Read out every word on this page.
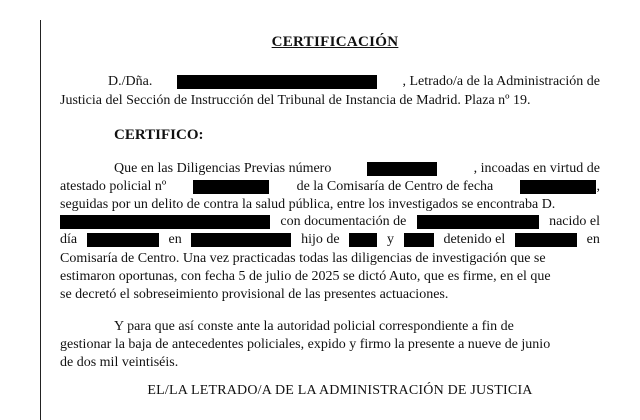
CERTIFICACIÓN
D./Dña.	, Letrado/a de la Administración de
Justicia del Sección de Instrucción del Tribunal de Instancia de Madrid. Plaza nº 19.
CERTIFICO:
Que en las Diligencias Previas número	, incoadas en virtud de
atestado policial nº	de la Comisaría de Centro de fecha	,
seguidas por un delito de contra la salud pública, entre los investigados se encontraba D.
con documentación de	nacido el
día	en	hijo de	y	detenido el	en
Comisaría de Centro. Una vez practicadas todas las diligencias de investigación que se
estimaron oportunas, con fecha 5 de julio de 2025 se dictó Auto, que es firme, en el que
se decretó el sobreseimiento provisional de las presentes actuaciones.
Y para que así conste ante la autoridad policial correspondiente a fin de
gestionar la baja de antecedentes policiales, expido y firmo la presente a nueve de junio
de dos mil veintiséis.
EL/LA LETRADO/A DE LA ADMINISTRACIÓN DE JUSTICIA
